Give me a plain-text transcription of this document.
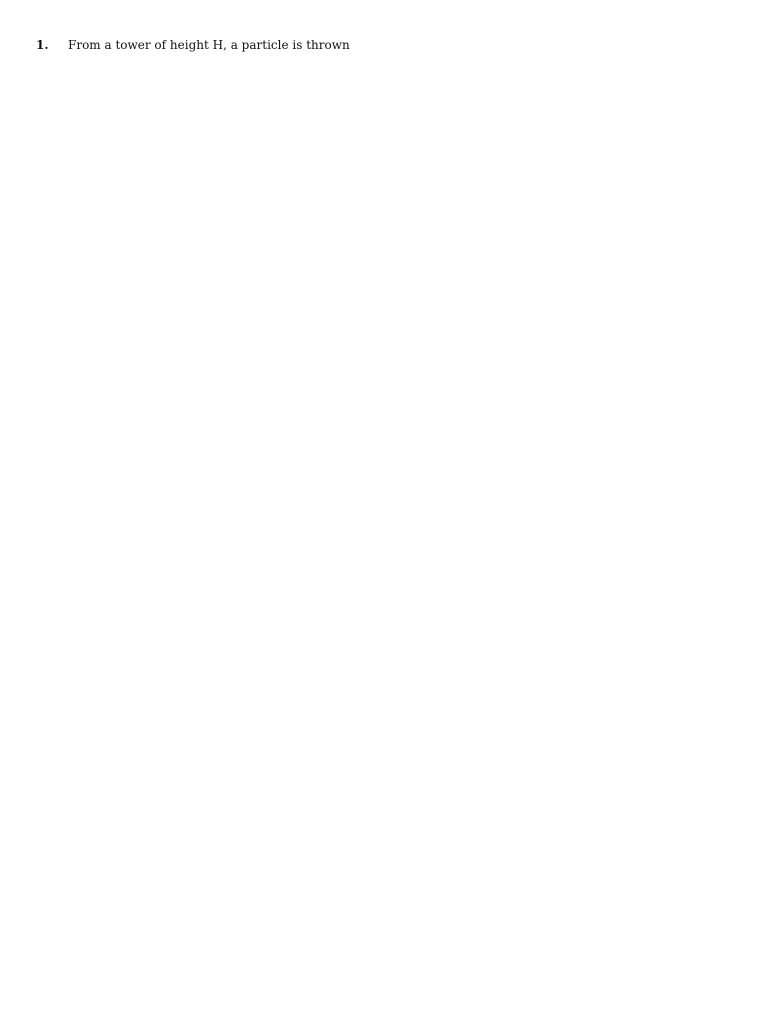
1. From a tower of height H, a particle is thrown
